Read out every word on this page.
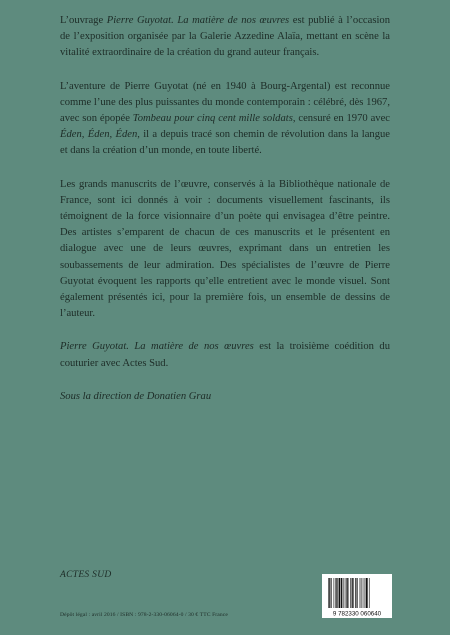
L’ouvrage Pierre Guyotat. La matière de nos œuvres est publié à l’occasion de l’exposition organisée par la Galerie Azzedine Alaïa, mettant en scène la vitalité extraordinaire de la création du grand auteur français.

L’aventure de Pierre Guyotat (né en 1940 à Bourg-Argental) est reconnue comme l’une des plus puissantes du monde contemporain : célébré, dès 1967, avec son épopée Tombeau pour cinq cent mille soldats, censuré en 1970 avec Éden, Éden, Éden, il a depuis tracé son chemin de révolution dans la langue et dans la création d’un monde, en toute liberté.

Les grands manuscrits de l’œuvre, conservés à la Bibliothèque nationale de France, sont ici donnés à voir : documents visuellement fascinants, ils témoignent de la force visionnaire d’un poète qui envisagea d’être peintre. Des artistes s’emparent de chacun de ces manuscrits et le présentent en dialogue avec une de leurs œuvres, exprimant dans un entretien les soubassements de leur admiration. Des spécialistes de l’œuvre de Pierre Guyotat évoquent les rapports qu’elle entretient avec le monde visuel. Sont également présentés ici, pour la première fois, un ensemble de dessins de l’auteur.

Pierre Guyotat. La matière de nos œuvres est la troisième coédition du couturier avec Actes Sud.

Sous la direction de Donatien Grau

ACTES SUD
Dépôt légal : avril 2016 / ISBN : 978-2-330-06064-0 / 30 € TTC France	9 782330 060640
